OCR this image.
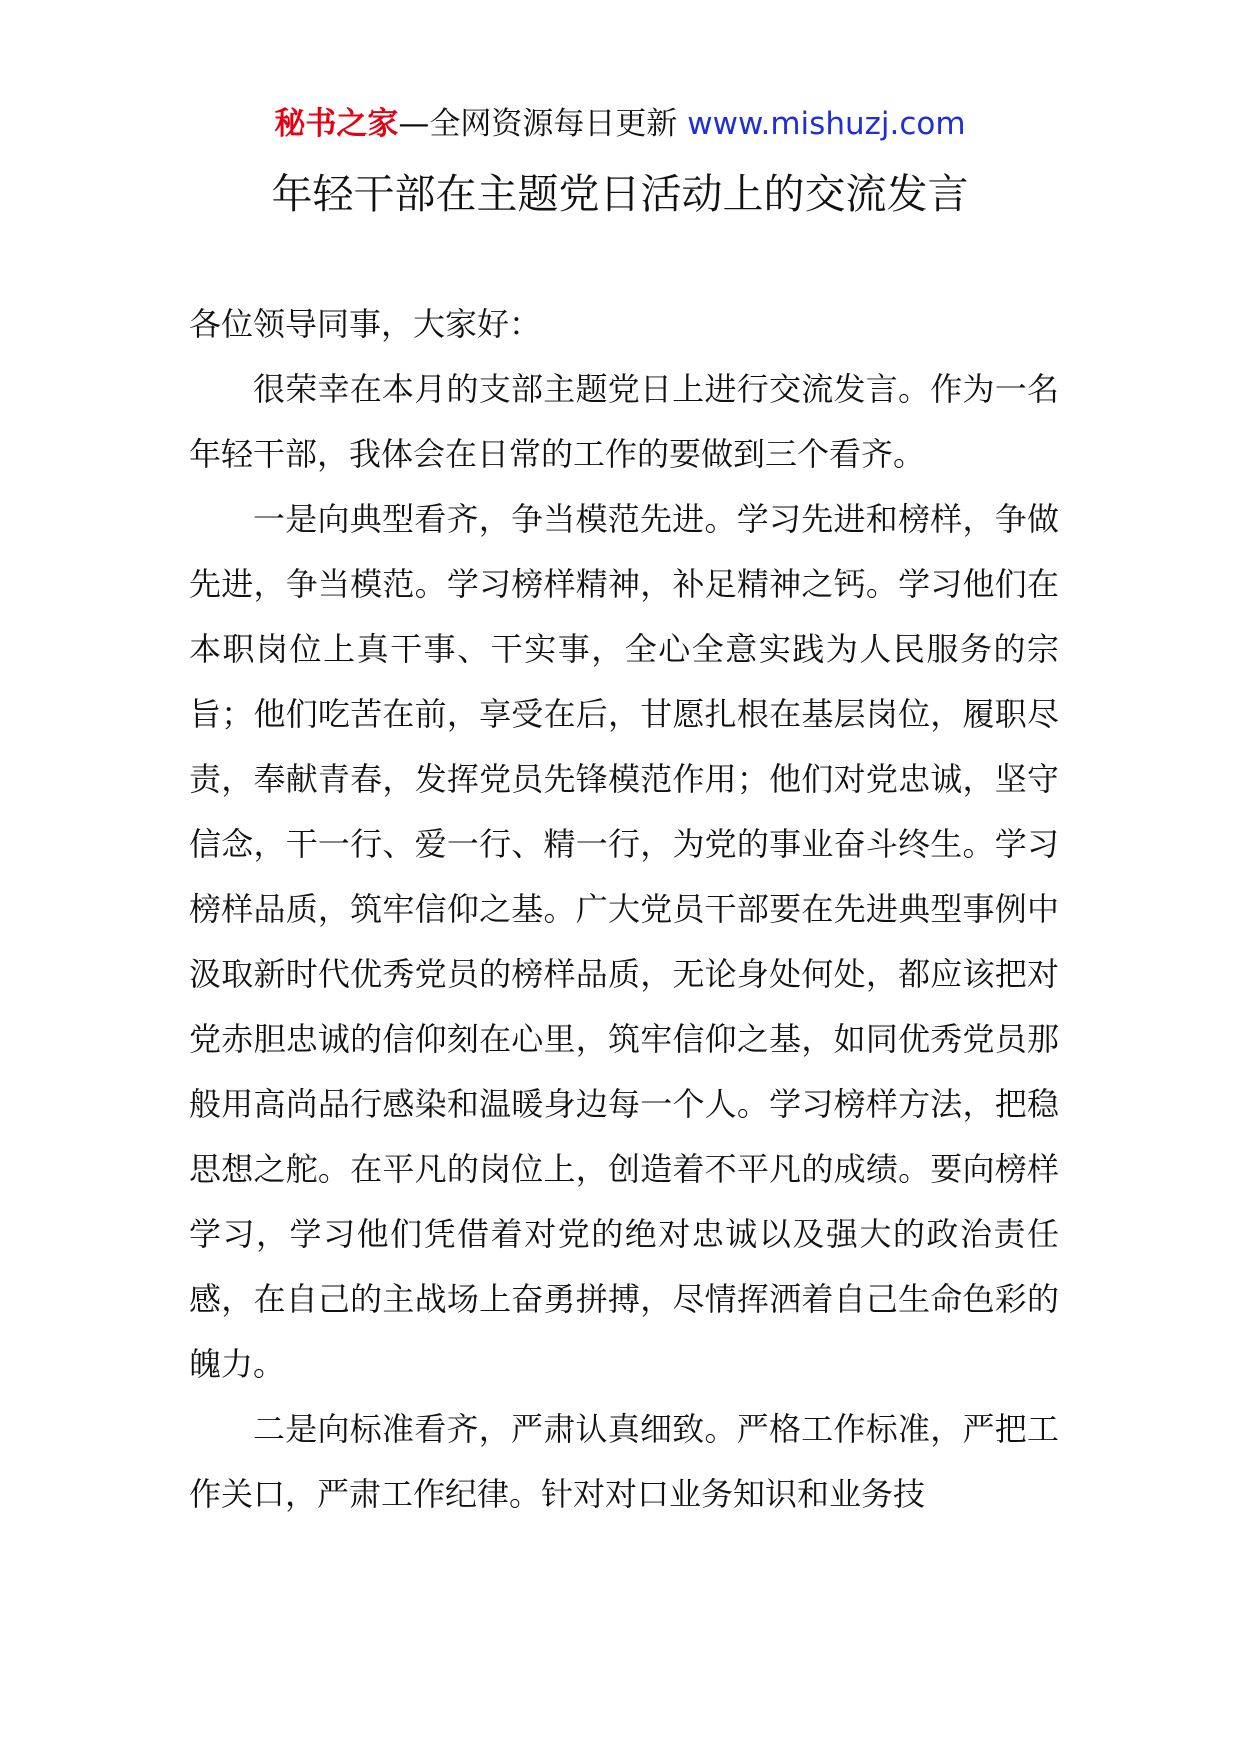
秘书之家—全网资源每日更新 www.mishuzj.com
年轻干部在主题党日活动上的交流发言

各位领导同事，大家好：

很荣幸在本月的支部主题党日上进行交流发言。作为一名年轻干部，我体会在日常的工作的要做到三个看齐。

一是向典型看齐，争当模范先进。学习先进和榜样，争做先进，争当模范。学习榜样精神，补足精神之钙。学习他们在本职岗位上真干事、干实事，全心全意实践为人民服务的宗旨；他们吃苦在前，享受在后，甘愿扎根在基层岗位，履职尽责，奉献青春，发挥党员先锋模范作用；他们对党忠诚，坚守信念，干一行、爱一行、精一行，为党的事业奋斗终生。学习榜样品质，筑牢信仰之基。广大党员干部要在先进典型事例中汲取新时代优秀党员的榜样品质，无论身处何处，都应该把对党赤胆忠诚的信仰刻在心里，筑牢信仰之基，如同优秀党员那般用高尚品行感染和温暖身边每一个人。学习榜样方法，把稳思想之舵。在平凡的岗位上，创造着不平凡的成绩。要向榜样学习，学习他们凭借着对党的绝对忠诚以及强大的政治责任感，在自己的主战场上奋勇拼搏，尽情挥洒着自己生命色彩的魄力。

二是向标准看齐，严肃认真细致。严格工作标准，严把工作关口，严肃工作纪律。针对对口业务知识和业务技
